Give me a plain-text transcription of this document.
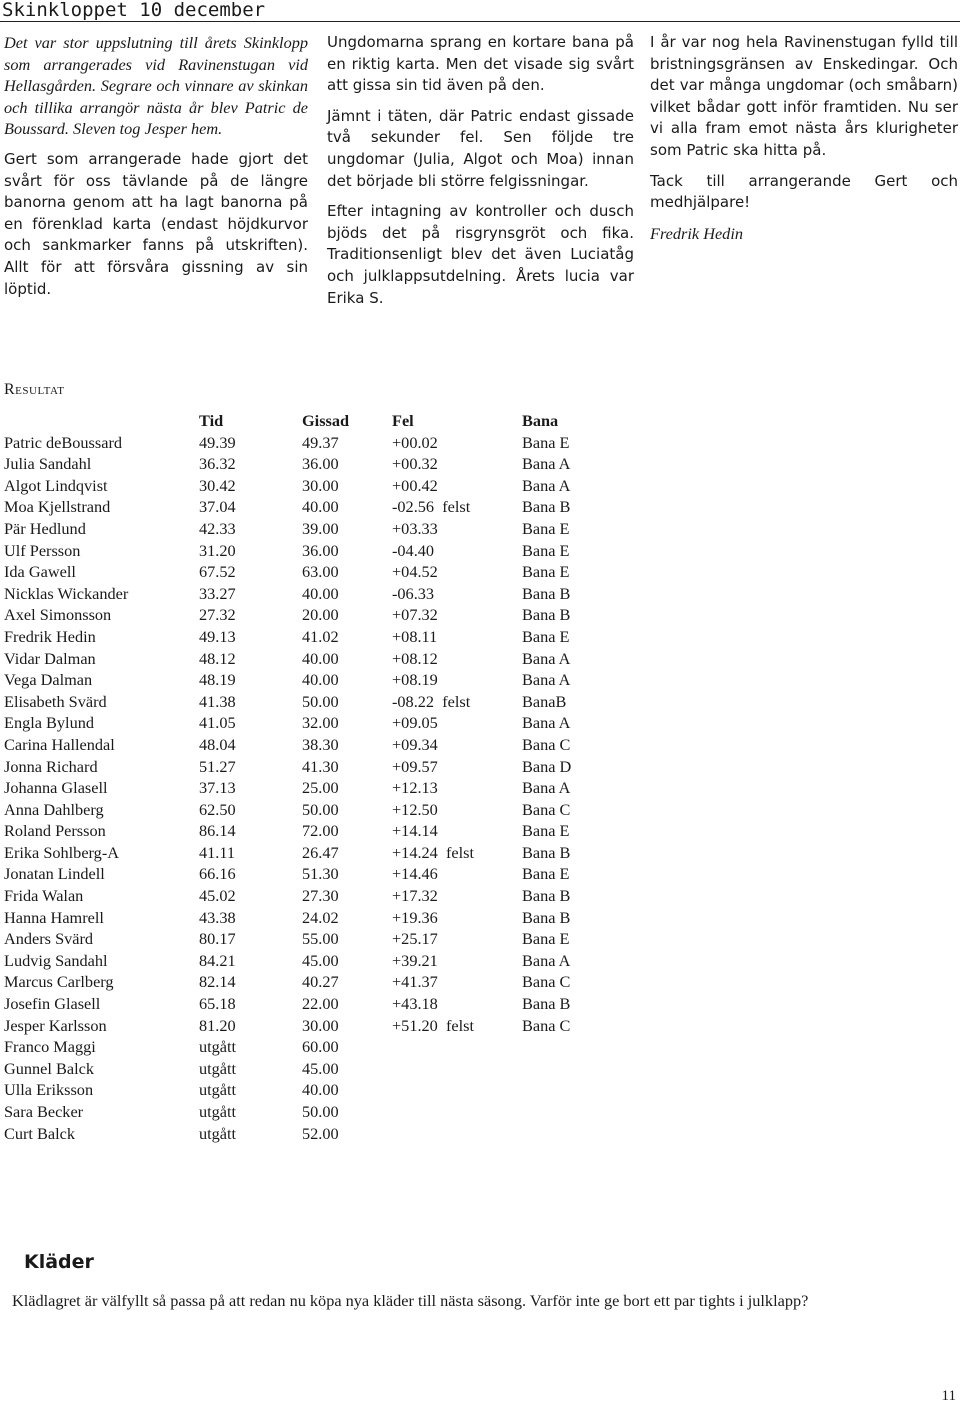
Skinkloppet 10 december

Det var stor uppslutning till årets Skinklopp som arrangerades vid Ravinenstugan vid Hellasgården. Segrare och vinnare av skinkan och tillika arrangör nästa år blev Patric de Boussard. Sleven tog Jesper hem.

Gert som arrangerade hade gjort det svårt för oss tävlande på de längre banorna genom att ha lagt banorna på en förenklad karta (endast höjdkurvor och sankmarker fanns på utskriften). Allt för att försvåra gissning av sin löptid.

Ungdomarna sprang en kortare bana på en riktig karta. Men det visade sig svårt att gissa sin tid även på den.

Jämnt i täten, där Patric endast gissade två sekunder fel. Sen följde tre ungdomar (Julia, Algot och Moa) innan det började bli större felgissningar.

Efter intagning av kontroller och dusch bjöds det på risgrynsgröt och fika. Traditionsenligt blev det även Luciatåg och julklappsutdelning. Årets lucia var Erika S.

I år var nog hela Ravinenstugan fylld till bristningsgränsen av Enskedingar. Och det var många ungdomar (och småbarn) vilket bådar gott inför framtiden. Nu ser vi alla fram emot nästa års klurigheter som Patric ska hitta på.

Tack till arrangerande Gert och medhjälpare!

Fredrik Hedin

Resultat
	Tid	Gissad	Fel	Bana
Patric deBoussard	49.39	49.37	+00.02	Bana E
Julia Sandahl	36.32	36.00	+00.32	Bana A
Algot Lindqvist	30.42	30.00	+00.42	Bana A
Moa Kjellstrand	37.04	40.00	-02.56  felst	Bana B
Pär Hedlund	42.33	39.00	+03.33	Bana E
Ulf Persson	31.20	36.00	-04.40	Bana E
Ida Gawell	67.52	63.00	+04.52	Bana E
Nicklas Wickander	33.27	40.00	-06.33	Bana B
Axel Simonsson	27.32	20.00	+07.32	Bana B
Fredrik Hedin	49.13	41.02	+08.11	Bana E
Vidar Dalman	48.12	40.00	+08.12	Bana A
Vega Dalman	48.19	40.00	+08.19	Bana A
Elisabeth Svärd	41.38	50.00	-08.22  felst	BanaB
Engla Bylund	41.05	32.00	+09.05	Bana A
Carina Hallendal	48.04	38.30	+09.34	Bana C
Jonna Richard	51.27	41.30	+09.57	Bana D
Johanna Glasell	37.13	25.00	+12.13	Bana A
Anna Dahlberg	62.50	50.00	+12.50	Bana C
Roland Persson	86.14	72.00	+14.14	Bana E
Erika Sohlberg-A	41.11	26.47	+14.24  felst	Bana B
Jonatan Lindell	66.16	51.30	+14.46	Bana E
Frida Walan	45.02	27.30	+17.32	Bana B
Hanna Hamrell	43.38	24.02	+19.36	Bana B
Anders Svärd	80.17	55.00	+25.17	Bana E
Ludvig Sandahl	84.21	45.00	+39.21	Bana A
Marcus Carlberg	82.14	40.27	+41.37	Bana C
Josefin Glasell	65.18	22.00	+43.18	Bana B
Jesper Karlsson	81.20	30.00	+51.20  felst	Bana C
Franco Maggi	utgått	60.00		
Gunnel Balck	utgått	45.00		
Ulla Eriksson	utgått	40.00		
Sara Becker	utgått	50.00		
Curt Balck	utgått	52.00		
Kläder
Klädlagret är välfyllt så passa på att redan nu köpa nya kläder till nästa säsong. Varför inte ge bort ett par tights i julklapp?
11
